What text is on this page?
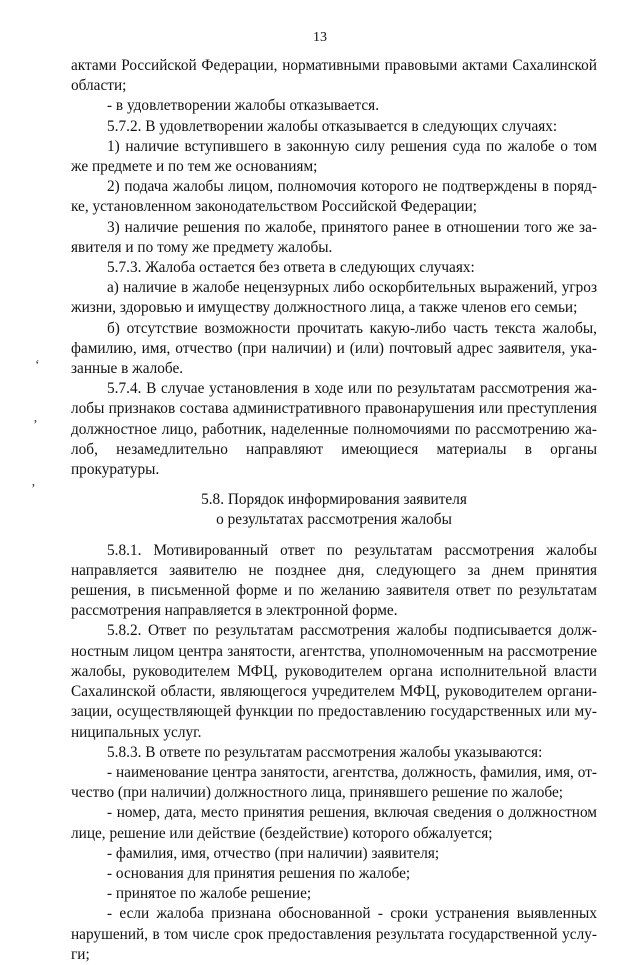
13
‘
’
’

актами Российской Федерации, нормативными правовыми актами Сахалинской области;

- в удовлетворении жалобы отказывается.

5.7.2. В удовлетворении жалобы отказывается в следующих случаях:

1) наличие вступившего в законную силу решения суда по жалобе о том же предмете и по тем же основаниям;

2) подача жалобы лицом, полномочия которого не подтверждены в порядке, установленном законодательством Российской Федерации;

3) наличие решения по жалобе, принятого ранее в отношении того же заявителя и по тому же предмету жалобы.

5.7.3. Жалоба остается без ответа в следующих случаях:

а) наличие в жалобе нецензурных либо оскорбительных выражений, угроз жизни, здоровью и имуществу должностного лица, а также членов его семьи;

б) отсутствие возможности прочитать какую-либо часть текста жалобы, фамилию, имя, отчество (при наличии) и (или) почтовый адрес заявителя, указанные в жалобе.

5.7.4. В случае установления в ходе или по результатам рассмотрения жалобы признаков состава административного правонарушения или преступления должностное лицо, работник, наделенные полномочиями по рассмотрению жалоб, незамедлительно направляют имеющиеся материалы в органы прокуратуры.

5.8. Порядок информирования заявителя

о результатах рассмотрения жалобы

5.8.1. Мотивированный ответ по результатам рассмотрения жалобы направляется заявителю не позднее дня, следующего за днем принятия решения, в письменной форме и по желанию заявителя ответ по результатам рассмотрения направляется в электронной форме.

5.8.2. Ответ по результатам рассмотрения жалобы подписывается должностным лицом центра занятости, агентства, уполномоченным на рассмотрение жалобы, руководителем МФЦ, руководителем органа исполнительной власти Сахалинской области, являющегося учредителем МФЦ, руководителем организации, осуществляющей функции по предоставлению государственных или муниципальных услуг.

5.8.3. В ответе по результатам рассмотрения жалобы указываются:

- наименование центра занятости, агентства, должность, фамилия, имя, отчество (при наличии) должностного лица, принявшего решение по жалобе;

- номер, дата, место принятия решения, включая сведения о должностном лице, решение или действие (бездействие) которого обжалуется;

- фамилия, имя, отчество (при наличии) заявителя;

- основания для принятия решения по жалобе;

- принятое по жалобе решение;

- если жалоба признана обоснованной - сроки устранения выявленных нарушений, в том числе срок предоставления результата государственной услуги;
